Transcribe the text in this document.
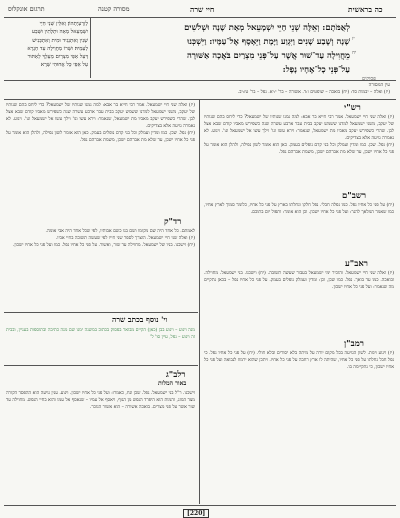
תרגום אונקלוס	מסורה קטנה	חיי שרה	כה בראשית
פסוקים
לְזַרְעְיָתְהוֹן׃ וְאִלֵּין שְׁנֵי חַיֵּי
יִשְׁמָעֵאל מְאָה וּתְלָתִין וּשְׁבַע
שְׁנִין וְאִתְנְגִיד וּמִית וְאִתְכְּנִישׁ
לְעַמֵּיהּ׃ וּשְׁרוֹ מֵחֲוִילָה עַד חַגְרָא
דְּעַל אַפֵּי מִצְרַיִם מֵעָלָךְ לְאַתּוּר
עַל אַפֵּי כָּל אֲחוּהִי שְׁרָא׃
לְאֻמֹּתָם: וְאֵלֶּה שְׁנֵי חַיֵּי יִשְׁמָעֵאל מְאַת שָׁנָה וּשְׁלֹשִׁים
שָׁנָה וְשֶׁבַע שָׁנִים וַיִּגְוַע וַיָּמָת וַיֵּאָסֶף אֶל־עַמָּיו: וַיִּשְׁכְּנוּ
מֵחֲוִילָה עַד־שׁוּר אֲשֶׁר עַל־פְּנֵי מִצְרַיִם בֹּאֲכָה אַשּׁוּרָה
עַל־פְּנֵי כָל־אֶחָיו נָפָל:
יז
יח
עין המסורה
(יז) ואלה – יבמות סד: (יח) בואכה – שופטים ו:ד. אשורה – בר' י:יא. נפל – בר' טז:יב.
רש"י
(יז) ואלה שני חיי ישמעאל. אמר רבי חייא בר אבא: למה נמנו שנותיו של ישמעאל? כדי ליחס בהם שנותיו של יעקב, משני ישמעאל למדנו ששמש יעקב בבית עבר ארבע עשרה שנה כשפירש מאביו קודם שבא אצל לבן. שהרי כשפירש יעקב מאביו מת ישמעאל, שנאמר: וירא עשו וגו' וילך עשו אל ישמעאל וגו'. ויגוע. לא נאמרה גויעה אלא בצדיקים.
(יח) נפל. שכן. כמו ומדין ועמלק וכל בני קדם נופלים בעמק. כאן הוא אומר לשון נפילה, ולהלן הוא אומר על פני כל אחיו ישכן, עד שלא מת אברהם ישכן, משמת אברהם נפל.
רשב"ם
(יח) על פני כל אחיו נפל. כמו נפלה חבלי. נפל חלקו ונחלתו בארץ על פני כל אחיו, כלומר סמוך לארץ אחיו, כמו שאמר המלאך להגר: ועל פני כל אחיו ישכון. וכן הוא אומר: ותפול יום בתוכם.
ראב"ע
(יז) ואלה שני חיי ישמעאל. והזכיר ימי ישמעאל בעבור שעשה תשובה. (יח) וישכנו. בני ישמעאל. מחוילה. ובואכה. כמו עד בואך. נפל. כמו שכן, וכן: ומדין ועמלק נופלים בעמק. על פני כל אחיו נפל – בכאן נתקיים מה שנאמר: ועל פני כל אחיו ישכון.
רמב"ן
(יז) ויגוע וימת. לשון הגויעה בכל מקום יורה על מיתה בלא יסורים ובלא חולי. (יח) על פני כל אחיו נפל. כי נפל חבל נחלתו על פני כל אחיו, שהיתה לו ארץ רחבה על פני כל אחיו. ויתכן שהוא ירמוז לנבואה ועל פני כל אחיו ישכון, כי נתקיימה בו.
(יז) ואלה שני חיי ישמעאל. אמר רבי חייא בר אבא: למה נמנו שנותיו של ישמעאל? כדי ליחס בהם שנותיו של יעקב, משני ישמעאל למדנו ששמש יעקב בבית עבר ארבע עשרה שנה כשפירש מאביו קודם שבא אצל לבן. שהרי כשפירש יעקב מאביו מת ישמעאל, שנאמר: וירא עשו וגו' וילך עשו אל ישמעאל וגו'. ויגוע. לא נאמרה גויעה אלא בצדיקים.
(יח) נפל. שכן. כמו ומדין ועמלק וכל בני קדם נופלים בעמק. כאן הוא אומר לשון נפילה, ולהלן הוא אומר על פני כל אחיו ישכן, עד שלא מת אברהם ישכן, משמת אברהם נפל.
רד"ק
לאמתם. כל אחד היה שם מקומו ושם בנו כשם אבותיו, לפי שכל אחד היה אבי אומה.
(יז) ואלה שני חיי ישמעאל. הוצרך לספר שני חייו לפי שעשה תשובה בחיי אביו.
(יח) וישכנו. בניו של ישמעאל. מחוילה עד שור, ואשור. על פני כל אחיו נפל. כמו ועל פני כל אחיו ישכון.
וי' נוסף בכתב שרה
מנה ויגוע – ויגוע בבן (כאן) הקיים מבואר בפסוק בכתוב במשנה ימנו שם מנה כתיבה ובתוספות בעניין, ובבית זה ויגוע – נפל, עיין סו' ל'
רלב"ג
באור המלות
וישכנו. ר"ל בני ישמעאל. נפל. שכן ונח, כאמרו: ועל פני כל אחיו ישכון. ויגוע. ענין גויעה הוא ההפסד הקורה מצד המזג, והמות הוא היפרד הנפש מן הגוף, ויאסף אל עמיו – שנאסף אל עמו והוא בחיי הנפש. מחוילה עד שור אשר על פני מצרים. בואכה אשורה – הוא אשור הנזכר.
[220]
